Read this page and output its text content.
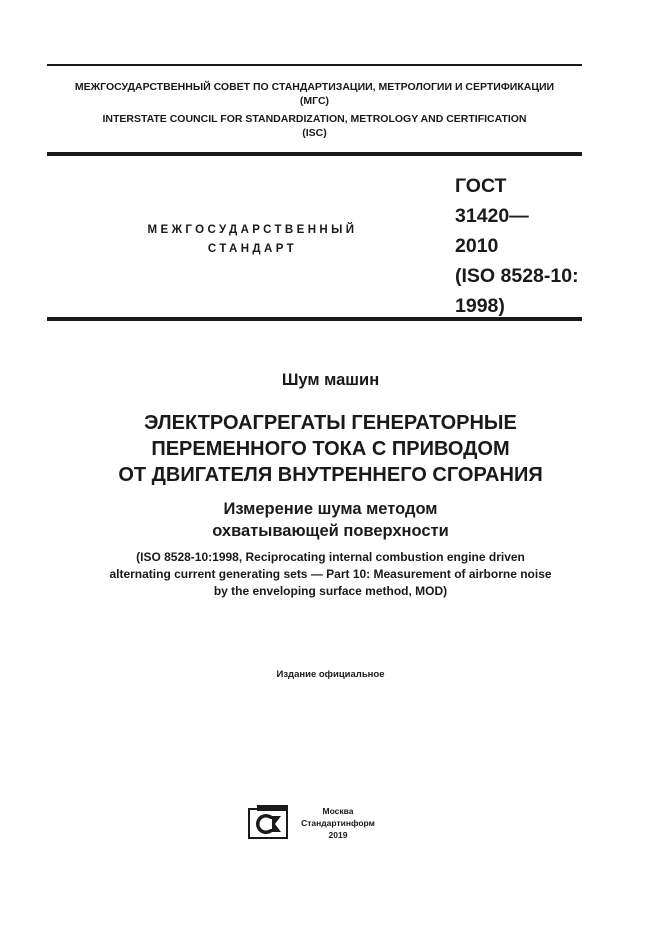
МЕЖГОСУДАРСТВЕННЫЙ СОВЕТ ПО СТАНДАРТИЗАЦИИ, МЕТРОЛОГИИ И СЕРТИФИКАЦИИ
(МГС)
INTERSTATE COUNCIL FOR STANDARDIZATION, METROLOGY AND CERTIFICATION
(ISC)
МЕЖГОСУДАРСТВЕННЫЙ
СТАНДАРТ
ГОСТ
31420—
2010
(ISO 8528-10:
1998)
Шум машин
ЭЛЕКТРОАГРЕГАТЫ ГЕНЕРАТОРНЫЕ
ПЕРЕМЕННОГО ТОКА С ПРИВОДОМ
ОТ ДВИГАТЕЛЯ ВНУТРЕННЕГО СГОРАНИЯ
Измерение шума методом
охватывающей поверхности
(ISO 8528-10:1998, Reciprocating internal combustion engine driven
alternating current generating sets — Part 10: Measurement of airborne noise
by the enveloping surface method, MOD)
Издание официальное
Москва
Стандартинформ
2019
